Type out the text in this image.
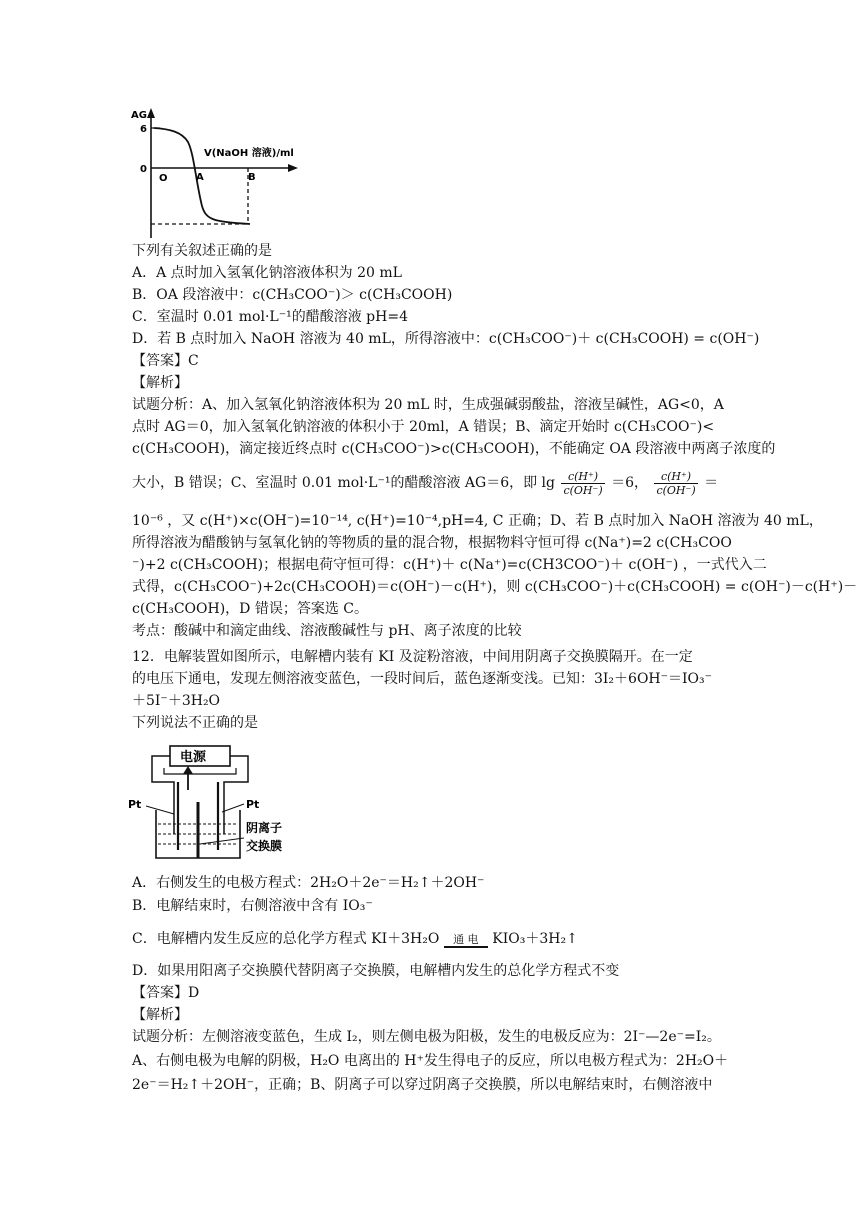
AG
6
0
V(NaOH 溶液)/ml
O	A	B
下列有关叙述正确的是
A．A 点时加入氢氧化钠溶液体积为 20 mL
B．OA 段溶液中：c(CH₃COO⁻)＞ c(CH₃COOH)
C．室温时 0.01 mol·L⁻¹的醋酸溶液 pH=4
D．若 B 点时加入 NaOH 溶液为 40 mL，所得溶液中：c(CH₃COO⁻)＋ c(CH₃COOH) = c(OH⁻)
【答案】C
【解析】
试题分析：A、加入氢氧化钠溶液体积为 20 mL 时，生成强碱弱酸盐，溶液呈碱性，AG<0，A
点时 AG＝0，加入氢氧化钠溶液的体积小于 20ml，A 错误；B、滴定开始时 c(CH₃COO⁻)<
c(CH₃COOH)，滴定接近终点时 c(CH₃COO⁻)>c(CH₃COOH)，不能确定 OA 段溶液中两离子浓度的
大小，B 错误；C、室温时 0.01 mol·L⁻¹的醋酸溶液 AG＝6，即 $\lg \frac{c(H^+)}{c(OH^-)} =6$， $\frac{c(H^+)}{c(OH^-)}$ ＝
10⁻⁶ ，又 c(H⁺)×c(OH⁻)=10⁻¹⁴, c(H⁺)=10⁻⁴,pH=4, C 正确；D、若 B 点时加入 NaOH 溶液为 40 mL，
所得溶液为醋酸钠与氢氧化钠的等物质的量的混合物，根据物料守恒可得 c(Na⁺)=2 c(CH₃COO
⁻)+2 c(CH₃COOH)；根据电荷守恒可得：c(H⁺)＋ c(Na⁺)=c(CH3COO⁻)＋ c(OH⁻) ，一式代入二
式得，c(CH₃COO⁻)+2c(CH₃COOH)＝c(OH⁻)－c(H⁺)，则 c(CH₃COO⁻)＋c(CH₃COOH) = c(OH⁻)－c(H⁺)－
c(CH₃COOH)，D 错误；答案选 C。
考点：酸碱中和滴定曲线、溶液酸碱性与 pH、离子浓度的比较
12．电解装置如图所示，电解槽内装有 KI 及淀粉溶液，中间用阴离子交换膜隔开。在一定
的电压下通电，发现左侧溶液变蓝色，一段时间后，蓝色逐渐变浅。已知：3I₂＋6OH⁻＝IO₃⁻
＋5I⁻＋3H₂O
下列说法不正确的是
电源
Pt	Pt
阴离子
交换膜
A．右侧发生的电极方程式：2H₂O＋2e⁻＝H₂↑＋2OH⁻
B．电解结束时，右侧溶液中含有 IO₃⁻
C．电解槽内发生反应的总化学方程式 KI＋3H₂O	通 电 KIO₃＋3H₂↑
D．如果用阳离子交换膜代替阴离子交换膜，电解槽内发生的总化学方程式不变
【答案】D
【解析】
试题分析：左侧溶液变蓝色，生成 I₂，则左侧电极为阳极，发生的电极反应为：2I⁻—2e⁻=I₂。
A、右侧电极为电解的阴极，H₂O 电离出的 H⁺发生得电子的反应，所以电极方程式为：2H₂O＋
2e⁻＝H₂↑＋2OH⁻，正确；B、阴离子可以穿过阴离子交换膜，所以电解结束时，右侧溶液中
